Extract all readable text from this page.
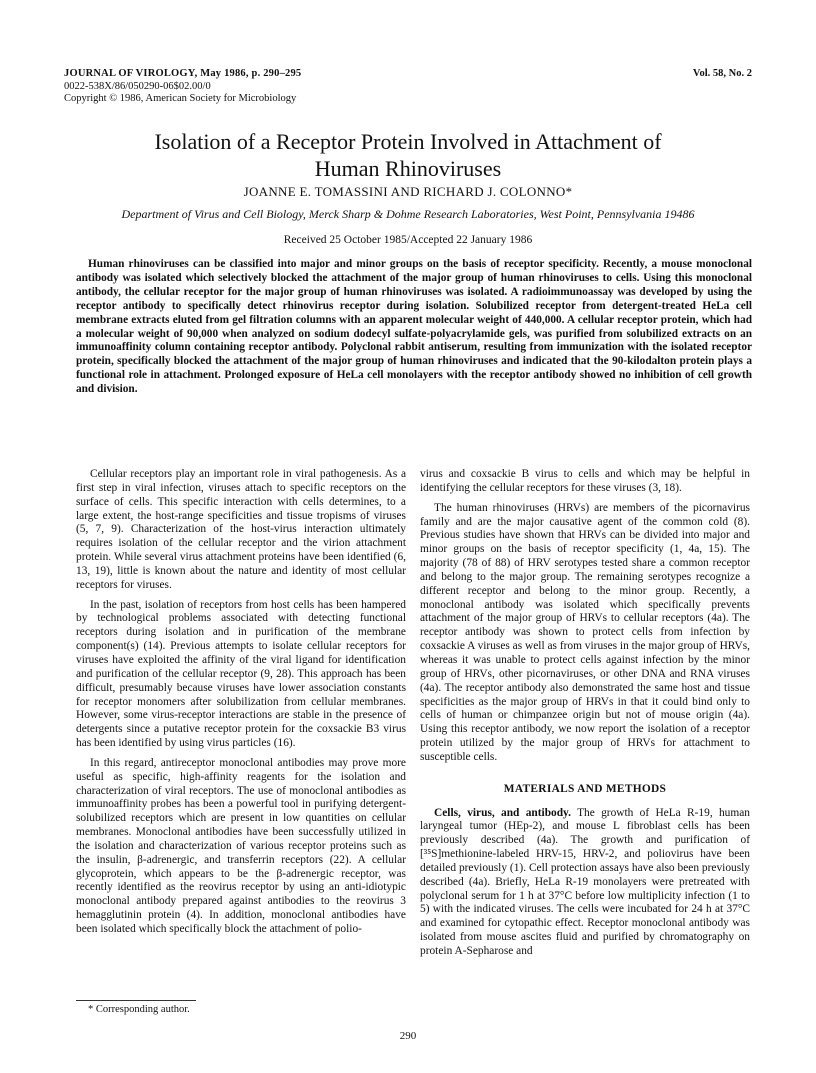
JOURNAL OF VIROLOGY, May 1986, p. 290–295
0022-538X/86/050290-06$02.00/0
Copyright © 1986, American Society for Microbiology
Vol. 58, No. 2
Isolation of a Receptor Protein Involved in Attachment of
Human Rhinoviruses
JOANNE E. TOMASSINI AND RICHARD J. COLONNO*
Department of Virus and Cell Biology, Merck Sharp & Dohme Research Laboratories, West Point, Pennsylvania 19486
Received 25 October 1985/Accepted 22 January 1986
Human rhinoviruses can be classified into major and minor groups on the basis of receptor specificity. Recently, a mouse monoclonal antibody was isolated which selectively blocked the attachment of the major group of human rhinoviruses to cells. Using this monoclonal antibody, the cellular receptor for the major group of human rhinoviruses was isolated. A radioimmunoassay was developed by using the receptor antibody to specifically detect rhinovirus receptor during isolation. Solubilized receptor from detergent-treated HeLa cell membrane extracts eluted from gel filtration columns with an apparent molecular weight of 440,000. A cellular receptor protein, which had a molecular weight of 90,000 when analyzed on sodium dodecyl sulfate-polyacrylamide gels, was purified from solubilized extracts on an immunoaffinity column containing receptor antibody. Polyclonal rabbit antiserum, resulting from immunization with the isolated receptor protein, specifically blocked the attachment of the major group of human rhinoviruses and indicated that the 90-kilodalton protein plays a functional role in attachment. Prolonged exposure of HeLa cell monolayers with the receptor antibody showed no inhibition of cell growth and division.

Cellular receptors play an important role in viral pathogenesis. As a first step in viral infection, viruses attach to specific receptors on the surface of cells. This specific interaction with cells determines, to a large extent, the host-range specificities and tissue tropisms of viruses (5, 7, 9). Characterization of the host-virus interaction ultimately requires isolation of the cellular receptor and the virion attachment protein. While several virus attachment proteins have been identified (6, 13, 19), little is known about the nature and identity of most cellular receptors for viruses.

In the past, isolation of receptors from host cells has been hampered by technological problems associated with detecting functional receptors during isolation and in purification of the membrane component(s) (14). Previous attempts to isolate cellular receptors for viruses have exploited the affinity of the viral ligand for identification and purification of the cellular receptor (9, 28). This approach has been difficult, presumably because viruses have lower association constants for receptor monomers after solubilization from cellular membranes. However, some virus-receptor interactions are stable in the presence of detergents since a putative receptor protein for the coxsackie B3 virus has been identified by using virus particles (16).

In this regard, antireceptor monoclonal antibodies may prove more useful as specific, high-affinity reagents for the isolation and characterization of viral receptors. The use of monoclonal antibodies as immunoaffinity probes has been a powerful tool in purifying detergent-solubilized receptors which are present in low quantities on cellular membranes. Monoclonal antibodies have been successfully utilized in the isolation and characterization of various receptor proteins such as the insulin, β-adrenergic, and transferrin receptors (22). A cellular glycoprotein, which appears to be the β-adrenergic receptor, was recently identified as the reovirus receptor by using an anti-idiotypic monoclonal antibody prepared against antibodies to the reovirus 3 hemagglutinin protein (4). In addition, monoclonal antibodies have been isolated which specifically block the attachment of polio-

virus and coxsackie B virus to cells and which may be helpful in identifying the cellular receptors for these viruses (3, 18).

The human rhinoviruses (HRVs) are members of the picornavirus family and are the major causative agent of the common cold (8). Previous studies have shown that HRVs can be divided into major and minor groups on the basis of receptor specificity (1, 4a, 15). The majority (78 of 88) of HRV serotypes tested share a common receptor and belong to the major group. The remaining serotypes recognize a different receptor and belong to the minor group. Recently, a monoclonal antibody was isolated which specifically prevents attachment of the major group of HRVs to cellular receptors (4a). The receptor antibody was shown to protect cells from infection by coxsackie A viruses as well as from viruses in the major group of HRVs, whereas it was unable to protect cells against infection by the minor group of HRVs, other picornaviruses, or other DNA and RNA viruses (4a). The receptor antibody also demonstrated the same host and tissue specificities as the major group of HRVs in that it could bind only to cells of human or chimpanzee origin but not of mouse origin (4a). Using this receptor antibody, we now report the isolation of a receptor protein utilized by the major group of HRVs for attachment to susceptible cells.

MATERIALS AND METHODS

Cells, virus, and antibody. The growth of HeLa R-19, human laryngeal tumor (HEp-2), and mouse L fibroblast cells has been previously described (4a). The growth and purification of [³⁵S]methionine-labeled HRV-15, HRV-2, and poliovirus have been detailed previously (1). Cell protection assays have also been previously described (4a). Briefly, HeLa R-19 monolayers were pretreated with polyclonal serum for 1 h at 37°C before low multiplicity infection (1 to 5) with the indicated viruses. The cells were incubated for 24 h at 37°C and examined for cytopathic effect. Receptor monoclonal antibody was isolated from mouse ascites fluid and purified by chromatography on protein A-Sepharose and

* Corresponding author.
290
